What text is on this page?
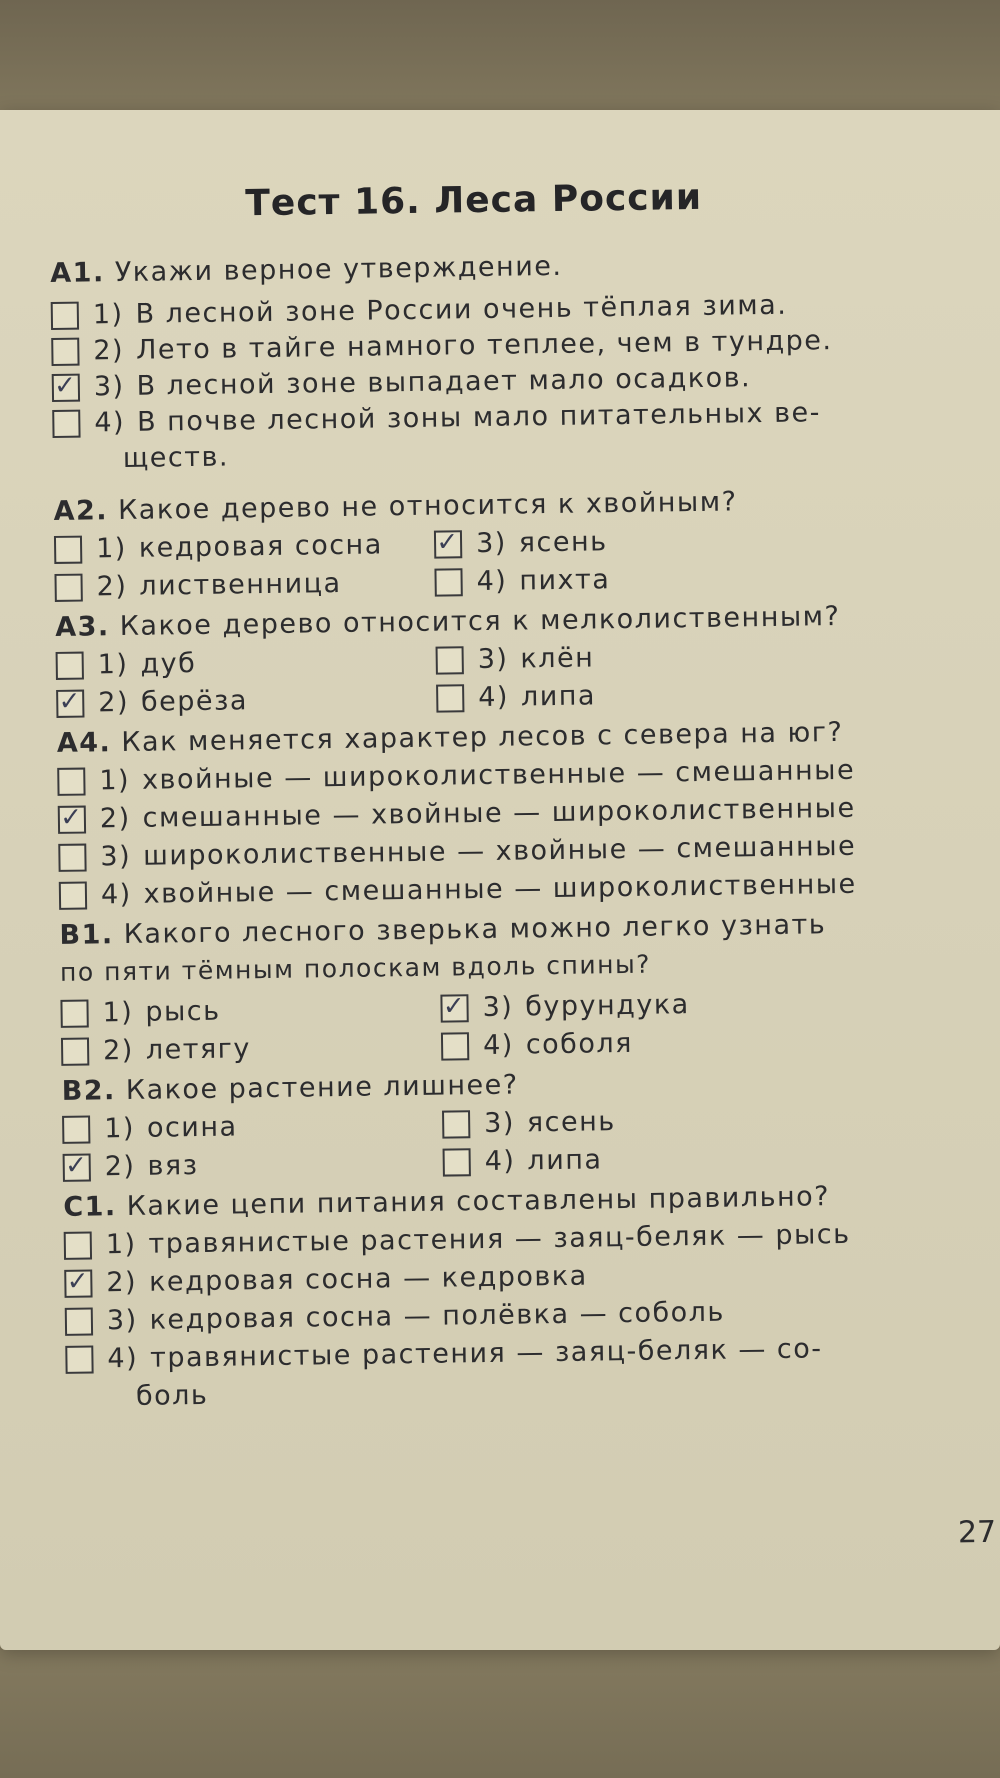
Тест 16. Леса России
A1. Укажи верное утверждение.
1) В лесной зоне России очень тёплая зима.
2) Лето в тайге намного теплее, чем в тундре.
✓ 3) В лесной зоне выпадает мало осадков.
4) В почве лесной зоны мало питательных ве-
ществ.
A2. Какое дерево не относится к хвойным?
1) кедровая сосна
2) лиственница
✓ 3) ясень
4) пихта
A3. Какое дерево относится к мелколиственным?
1) дуб
✓ 2) берёза
3) клён
4) липа
A4. Как меняется характер лесов с севера на юг?
1) хвойные — широколиственные — смешанные
✓ 2) смешанные — хвойные — широколиственные
3) широколиственные — хвойные — смешанные
4) хвойные — смешанные — широколиственные
B1. Какого лесного зверька можно легко узнать
по пяти тёмным полоскам вдоль спины?
1) рысь
2) летягу
✓ 3) бурундука
4) соболя
B2. Какое растение лишнее?
1) осина
✓ 2) вяз
3) ясень
4) липа
C1. Какие цепи питания составлены правильно?
1) травянистые растения — заяц-беляк — рысь
✓ 2) кедровая сосна — кедровка
3) кедровая сосна — полёвка — соболь
4) травянистые растения — заяц-беляк — со-
боль
27
